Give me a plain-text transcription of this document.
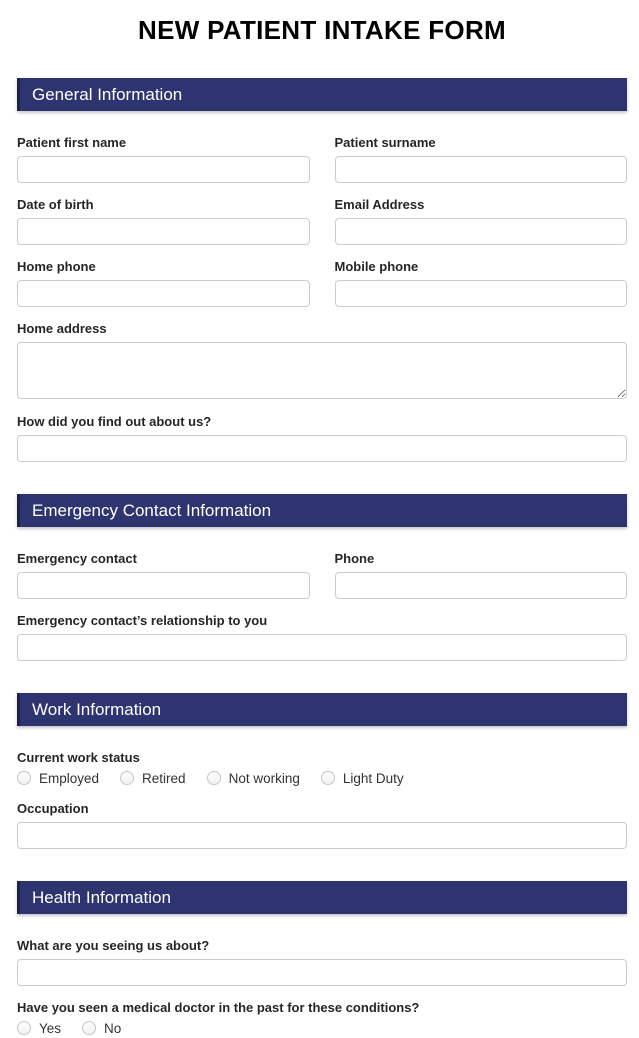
NEW PATIENT INTAKE FORM
General Information
Patient first name	Patient surname
Date of birth	Email Address
Home phone	Mobile phone
Home address
How did you find out about us?
Emergency Contact Information
Emergency contact	Phone
Emergency contact’s relationship to you
Work Information
Current work status
Employed	Retired	Not working	Light Duty
Occupation
Health Information
What are you seeing us about?
Have you seen a medical doctor in the past for these conditions?
Yes	No
